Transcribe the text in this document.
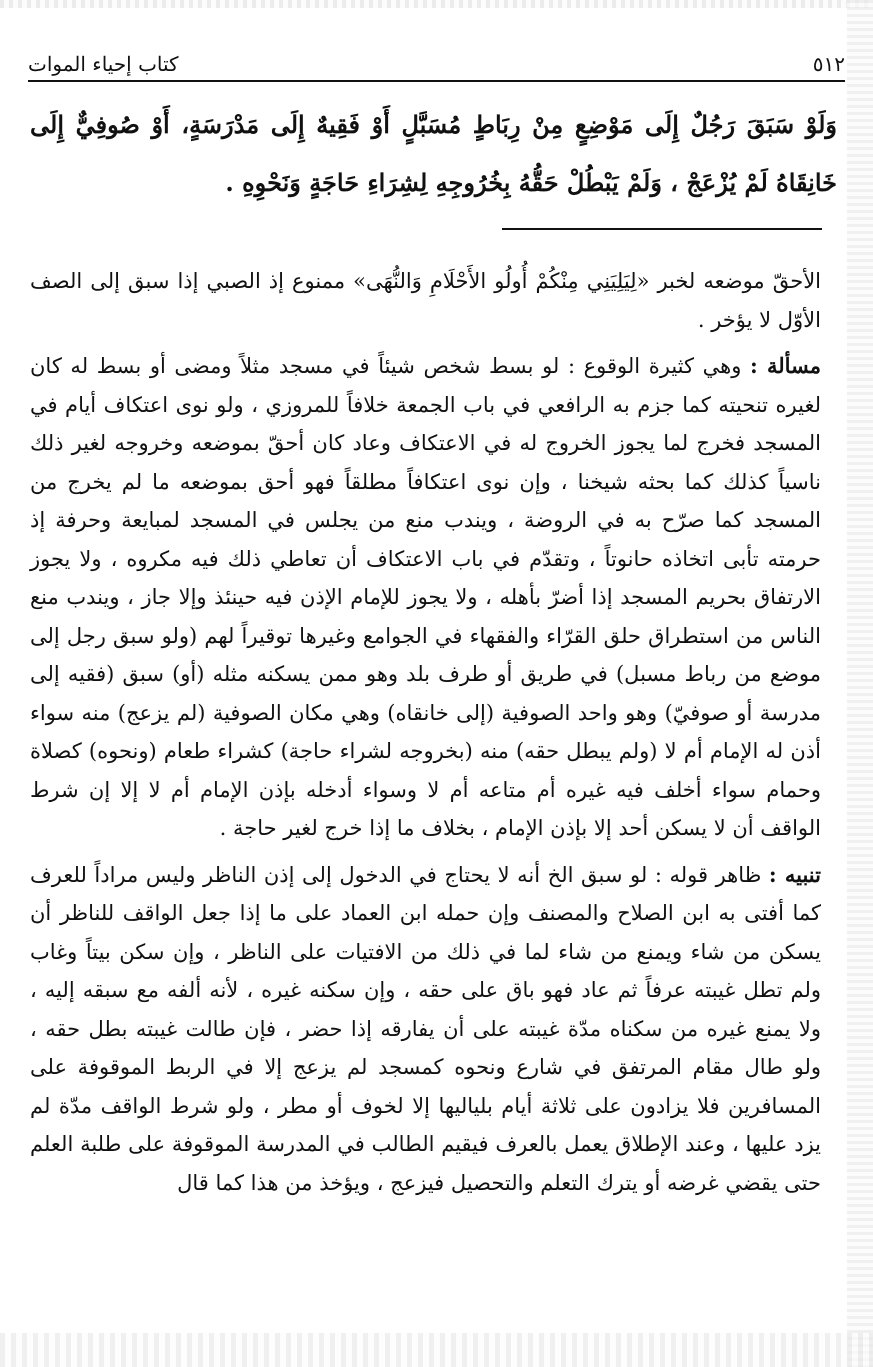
كتاب إحياء الموات	٥١٢

وَلَوْ سَبَقَ رَجُلٌ إِلَى مَوْضِعٍ مِنْ رِبَاطٍ مُسَبَّلٍ أَوْ فَقِيهٌ إِلَى مَدْرَسَةٍ، أَوْ صُوفِيٌّ إِلَى خَانِقَاهُ لَمْ يُزْعَجْ ، وَلَمْ يَبْطُلْ حَقُّهُ بِخُرُوجِهِ لِشِرَاءِ حَاجَةٍ وَنَحْوِهِ .

الأحقّ موضعه لخبر «لِيَلِيَنِي مِنْكُمْ أُولُو الأَحْلَامِ وَالنُّهَى» ممنوع إذ الصبي إذا سبق إلى الصف الأوّل لا يؤخر .

مسألة : وهي كثيرة الوقوع : لو بسط شخص شيئاً في مسجد مثلاً ومضى أو بسط له كان لغيره تنحيته كما جزم به الرافعي في باب الجمعة خلافاً للمروزي ، ولو نوى اعتكاف أيام في المسجد فخرج لما يجوز الخروج له في الاعتكاف وعاد كان أحقّ بموضعه وخروجه لغير ذلك ناسياً كذلك كما بحثه شيخنا ، وإن نوى اعتكافاً مطلقاً فهو أحق بموضعه ما لم يخرج من المسجد كما صرّح به في الروضة ، ويندب منع من يجلس في المسجد لمبايعة وحرفة إذ حرمته تأبى اتخاذه حانوتاً ، وتقدّم في باب الاعتكاف أن تعاطي ذلك فيه مكروه ، ولا يجوز الارتفاق بحريم المسجد إذا أضرّ بأهله ، ولا يجوز للإمام الإذن فيه حينئذ وإلا جاز ، ويندب منع الناس من استطراق حلق القرّاء والفقهاء في الجوامع وغيرها توقيراً لهم (ولو سبق رجل إلى موضع من رباط مسبل) في طريق أو طرف بلد وهو ممن يسكنه مثله (أو) سبق (فقيه إلى مدرسة أو صوفيّ) وهو واحد الصوفية (إلى خانقاه) وهي مكان الصوفية (لم يزعج) منه سواء أذن له الإمام أم لا (ولم يبطل حقه) منه (بخروجه لشراء حاجة) كشراء طعام (ونحوه) كصلاة وحمام سواء أخلف فيه غيره أم متاعه أم لا وسواء أدخله بإذن الإمام أم لا إلا إن شرط الواقف أن لا يسكن أحد إلا بإذن الإمام ، بخلاف ما إذا خرج لغير حاجة .

تنبيه : ظاهر قوله : لو سبق الخ أنه لا يحتاج في الدخول إلى إذن الناظر وليس مراداً للعرف كما أفتى به ابن الصلاح والمصنف وإن حمله ابن العماد على ما إذا جعل الواقف للناظر أن يسكن من شاء ويمنع من شاء لما في ذلك من الافتيات على الناظر ، وإن سكن بيتاً وغاب ولم تطل غيبته عرفاً ثم عاد فهو باق على حقه ، وإن سكنه غيره ، لأنه ألفه مع سبقه إليه ، ولا يمنع غيره من سكناه مدّة غيبته على أن يفارقه إذا حضر ، فإن طالت غيبته بطل حقه ، ولو طال مقام المرتفق في شارع ونحوه كمسجد لم يزعج إلا في الربط الموقوفة على المسافرين فلا يزادون على ثلاثة أيام بلياليها إلا لخوف أو مطر ، ولو شرط الواقف مدّة لم يزد عليها ، وعند الإطلاق يعمل بالعرف فيقيم الطالب في المدرسة الموقوفة على طلبة العلم حتى يقضي غرضه أو يترك التعلم والتحصيل فيزعج ، ويؤخذ من هذا كما قال
